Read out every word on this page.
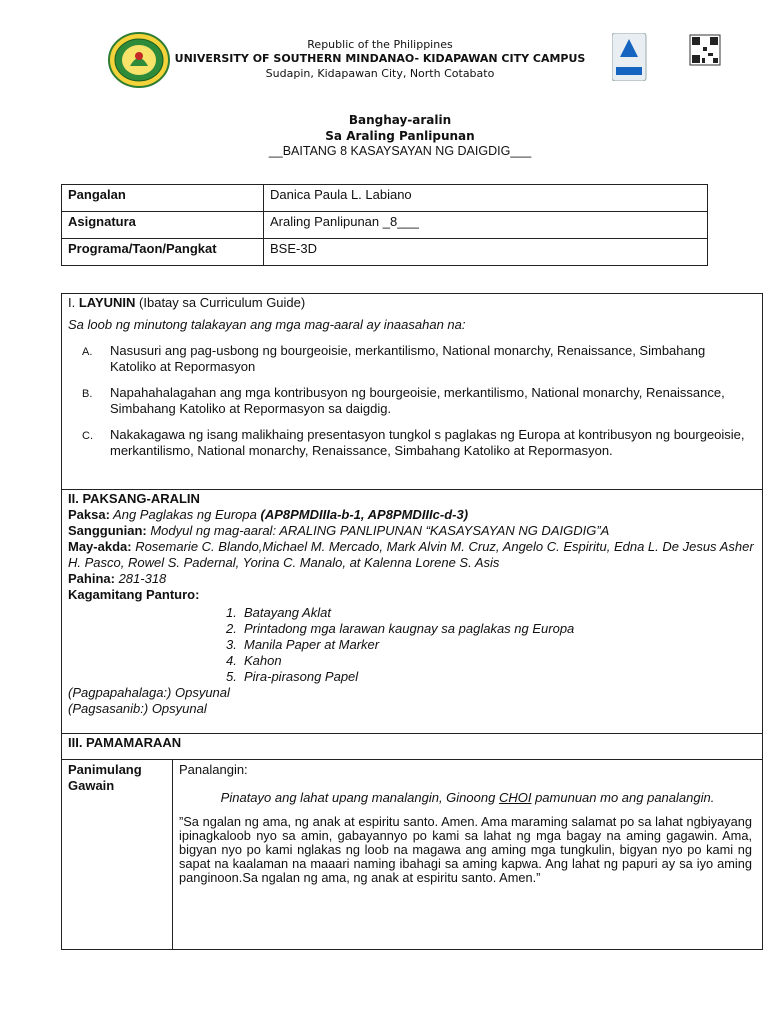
Republic of the Philippines
UNIVERSITY OF SOUTHERN MINDANAO- KIDAPAWAN CITY CAMPUS
Sudapin, Kidapawan City, North Cotabato
Banghay-aralin
Sa Araling Panlipunan
__BAITANG 8 KASAYSAYAN NG DAIGDIG___
Pangalan	Danica Paula L. Labiano
Asignatura	Araling Panlipunan _8___
Programa/Taon/Pangkat	BSE-3D
I. LAYUNIN (Ibatay sa Curriculum Guide)
Sa loob ng minutong talakayan ang mga mag-aaral ay inaasahan na:
A.	Nasusuri ang pag-usbong ng bourgeoisie, merkantilismo, National monarchy, Renaissance, Simbahang Katoliko at Repormasyon
B.	Napahahalagahan ang mga kontribusyon ng bourgeoisie, merkantilismo, National monarchy, Renaissance, Simbahang Katoliko at Repormasyon sa daigdig.
C.	Nakakagawa ng isang malikhaing presentasyon tungkol s paglakas ng Europa at kontribusyon ng bourgeoisie, merkantilismo, National monarchy, Renaissance, Simbahang Katoliko at Repormasyon.
II. PAKSANG-ARALIN
Paksa: Ang Paglakas ng Europa (AP8PMDIIIa-b-1, AP8PMDIIIc-d-3)
Sanggunian: Modyul ng mag-aaral: ARALING PANLIPUNAN “KASAYSAYAN NG DAIGDIG”A
May-akda: Rosemarie C. Blando,Michael M. Mercado, Mark Alvin M. Cruz, Angelo C. Espiritu, Edna L. De Jesus Asher H. Pasco, Rowel S. Padernal, Yorina C. Manalo, at Kalenna Lorene S. Asis
Pahina: 281-318
Kagamitang Panturo:
1. Batayang Aklat
2. Printadong mga larawan kaugnay sa paglakas ng Europa
3. Manila Paper at Marker
4. Kahon
5. Pira-pirasong Papel
(Pagpapahalaga:) Opsyunal
(Pagsasanib:) Opsyunal
III. PAMAMARAAN
Panimulang
Gawain
Panalangin:
Pinatayo ang lahat upang manalangin, Ginoong CHOI pamunuan mo ang panalangin.
”Sa ngalan ng ama, ng anak at espiritu santo. Amen. Ama maraming salamat po sa lahat ngbiyayang ipinagkaloob nyo sa amin, gabayannyo po kami sa lahat ng mga bagay na aming gagawin. Ama, bigyan nyo po kami nglakas ng loob na magawa ang aming mga tungkulin, bigyan nyo po kami ng sapat na kaalaman na maaari naming ibahagi sa aming kapwa. Ang lahat ng papuri ay sa iyo aming panginoon.Sa ngalan ng ama, ng anak at espiritu santo. Amen.”
